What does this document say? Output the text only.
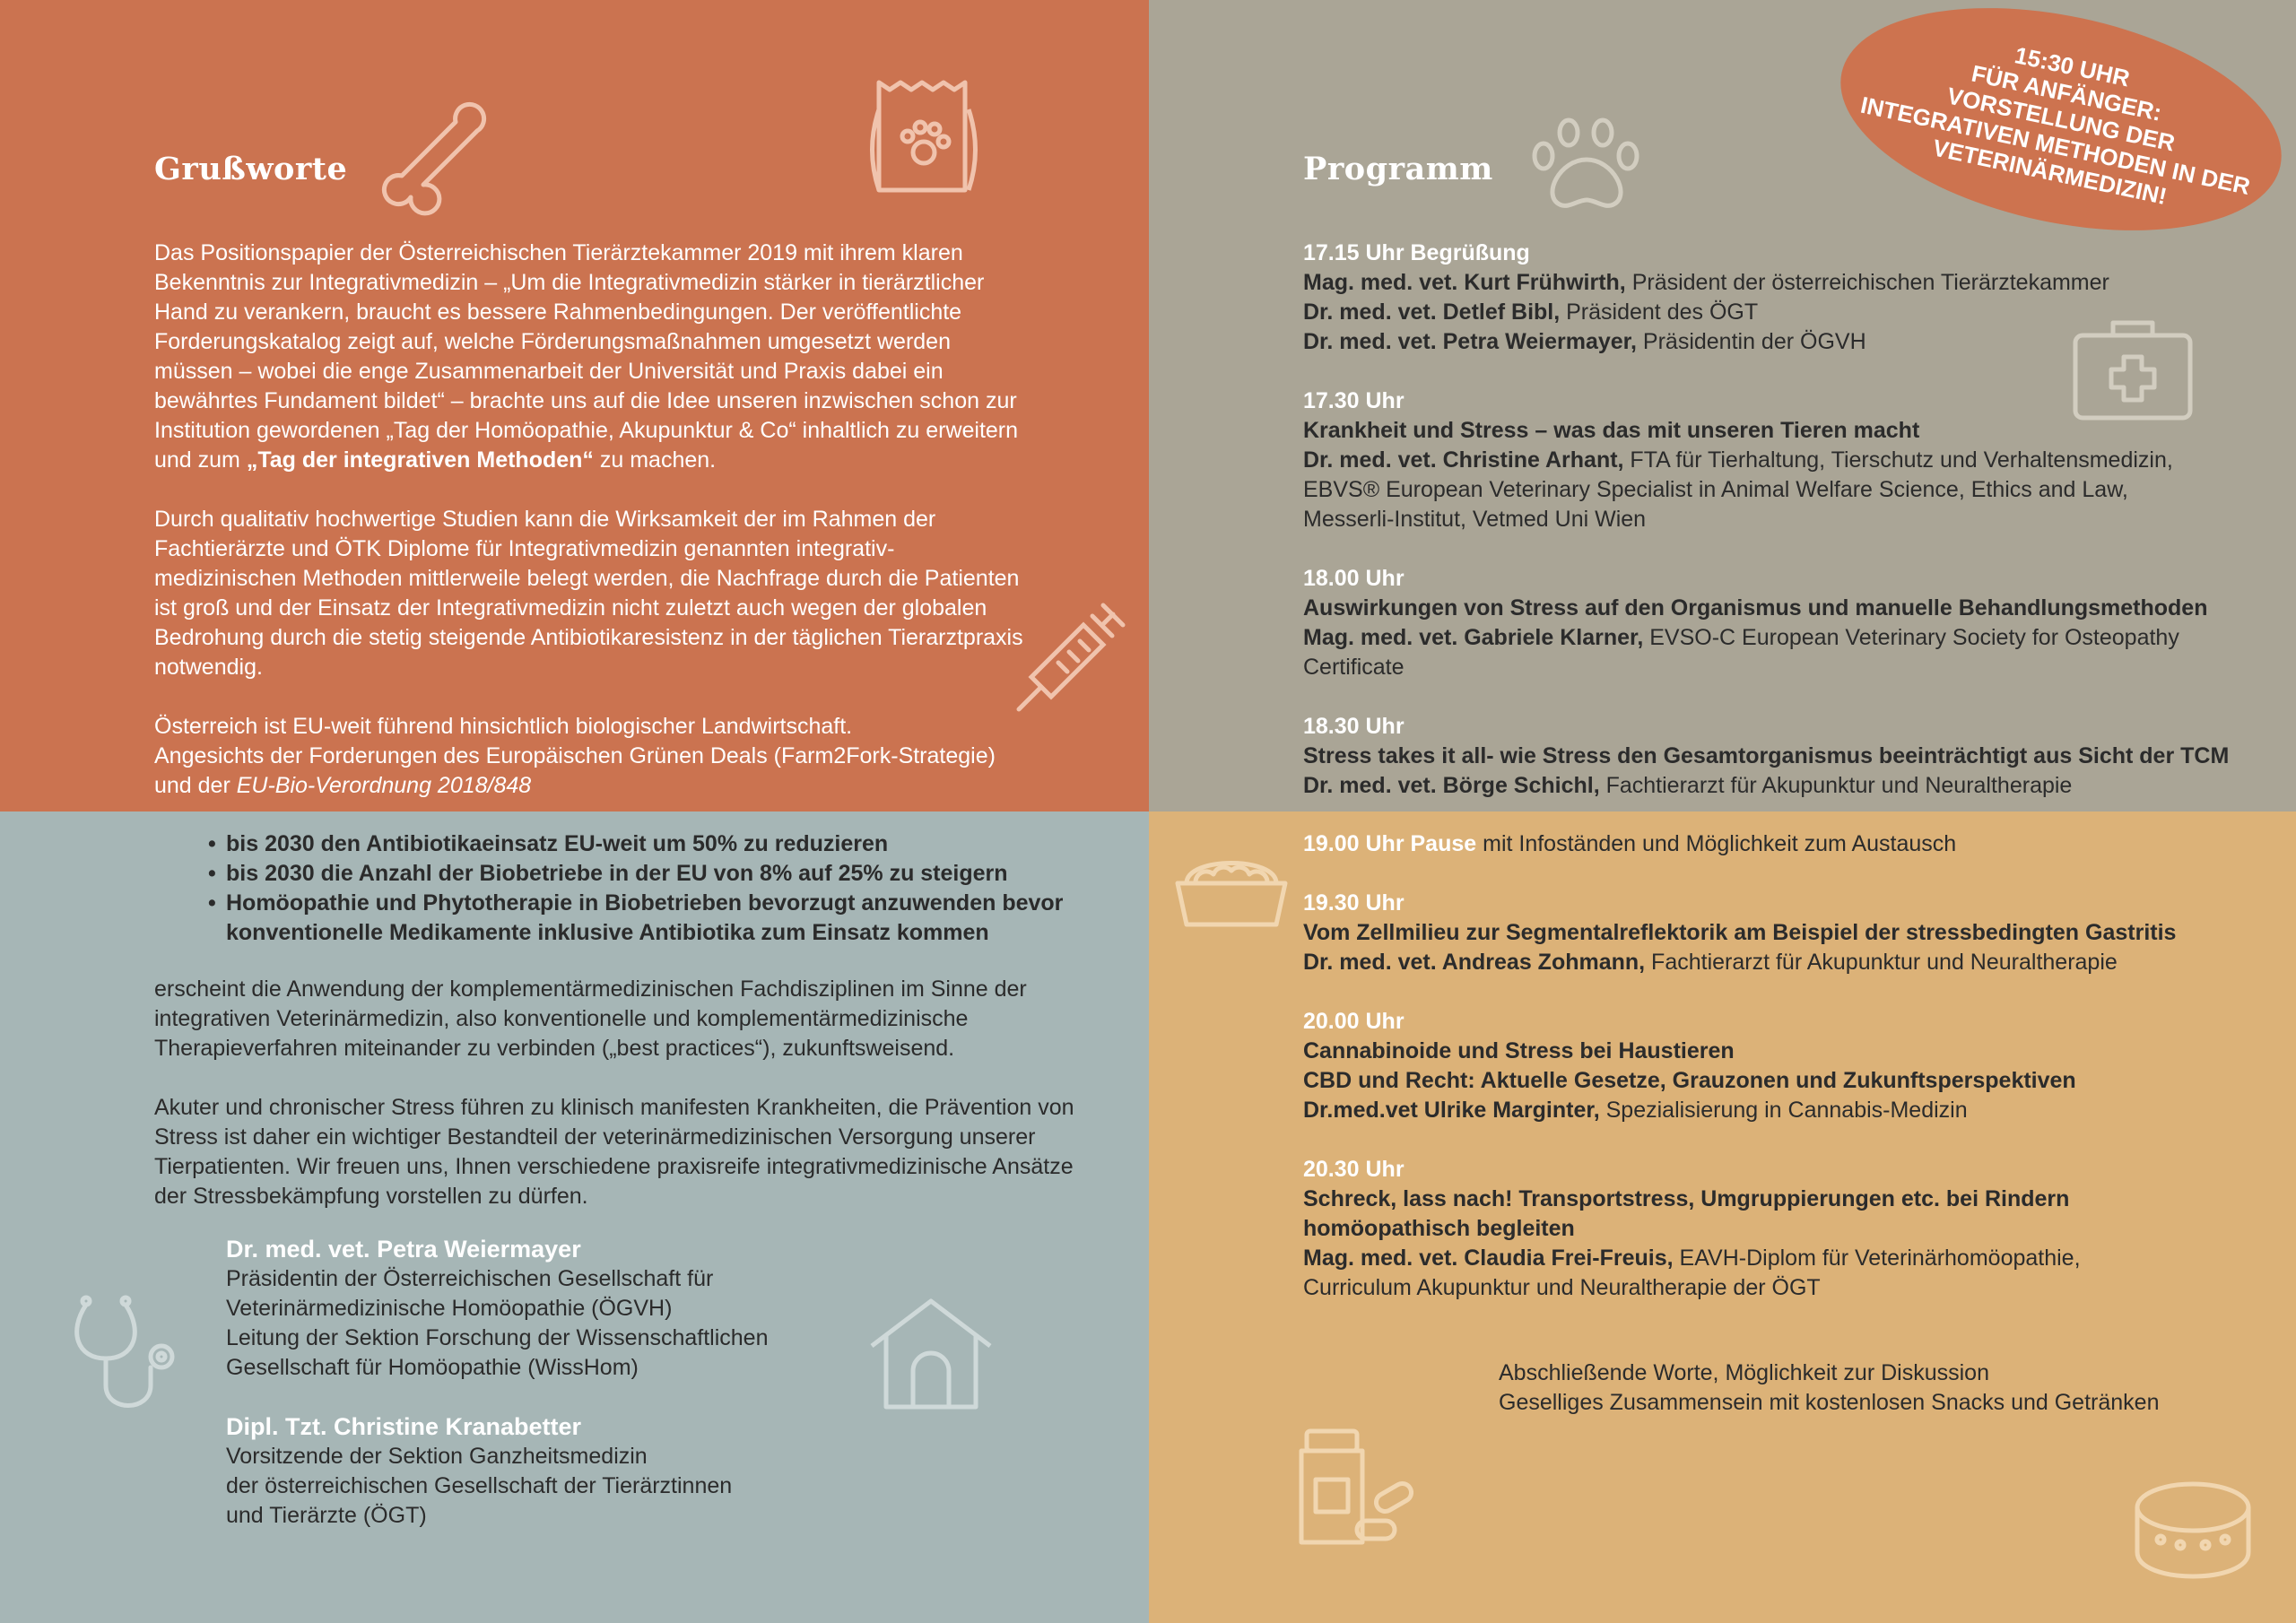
Grußworte

Das Positionspapier der Österreichischen Tierärztekammer 2019 mit ihrem klaren Bekenntnis zur Integrativmedizin – „Um die Integrativmedizin stärker in tierärztlicher Hand zu verankern, braucht es bessere Rahmenbedingungen. Der veröffentlichte Forderungskatalog zeigt auf, welche Förderungsmaßnahmen umgesetzt werden müssen – wobei die enge Zusammenarbeit der Universität und Praxis dabei ein bewährtes Fundament bildet“ – brachte uns auf die Idee unseren inzwischen schon zur Institution gewordenen „Tag der Homöopathie, Akupunktur & Co“ inhaltlich zu erweitern und zum „Tag der integrativen Methoden“ zu machen.

Durch qualitativ hochwertige Studien kann die Wirksamkeit der im Rahmen der Fachtierärzte und ÖTK Diplome für Integrativmedizin genannten integrativ-medizinischen Methoden mittlerweile belegt werden, die Nachfrage durch die Patienten ist groß und der Einsatz der Integrativmedizin nicht zuletzt auch wegen der globalen Bedrohung durch die stetig steigende Antibiotikaresistenz in der täglichen Tierarztpraxis notwendig.

Österreich ist EU-weit führend hinsichtlich biologischer Landwirtschaft.
Angesichts der Forderungen des Europäischen Grünen Deals (Farm2Fork-Strategie)
und der EU-Bio-Verordnung 2018/848

Programm
17.15 Uhr Begrüßung
Mag. med. vet. Kurt Frühwirth, Präsident der österreichischen Tierärztekammer
Dr. med. vet. Detlef Bibl, Präsident des ÖGT
Dr. med. vet. Petra Weiermayer, Präsidentin der ÖGVH
17.30 Uhr
Krankheit und Stress – was das mit unseren Tieren macht
Dr. med. vet. Christine Arhant, FTA für Tierhaltung, Tierschutz und Verhaltensmedizin,
EBVS® European Veterinary Specialist in Animal Welfare Science, Ethics and Law,
Messerli-Institut, Vetmed Uni Wien
18.00 Uhr
Auswirkungen von Stress auf den Organismus und manuelle Behandlungsmethoden
Mag. med. vet. Gabriele Klarner, EVSO-C European Veterinary Society for Osteopathy
Certificate
18.30 Uhr
Stress takes it all- wie Stress den Gesamtorganismus beeinträchtigt aus Sicht der TCM
Dr. med. vet. Börge Schichl, Fachtierarzt für Akupunktur und Neuraltherapie
15:30 UHR
FÜR ANFÄNGER:
VORSTELLUNG DER
INTEGRATIVEN METHODEN IN DER
VETERINÄRMEDIZIN!
• bis 2030 den Antibiotikaeinsatz EU-weit um 50% zu reduzieren
• bis 2030 die Anzahl der Biobetriebe in der EU von 8% auf 25% zu steigern
• Homöopathie und Phytotherapie in Biobetrieben bevorzugt anzuwenden bevor konventionelle Medikamente inklusive Antibiotika zum Einsatz kommen

erscheint die Anwendung der komplementärmedizinischen Fachdisziplinen im Sinne der integrativen Veterinärmedizin, also konventionelle und komplementärmedizinische Therapieverfahren miteinander zu verbinden („best practices“), zukunftsweisend.

Akuter und chronischer Stress führen zu klinisch manifesten Krankheiten, die Prävention von Stress ist daher ein wichtiger Bestandteil der veterinärmedizinischen Versorgung unserer Tierpatienten. Wir freuen uns, Ihnen verschiedene praxisreife integrativmedizinische Ansätze der Stressbekämpfung vorstellen zu dürfen.

Dr. med. vet. Petra Weiermayer
Präsidentin der Österreichischen Gesellschaft für
Veterinärmedizinische Homöopathie (ÖGVH)
Leitung der Sektion Forschung der Wissenschaftlichen
Gesellschaft für Homöopathie (WissHom)
Dipl. Tzt. Christine Kranabetter
Vorsitzende der Sektion Ganzheitsmedizin
der österreichischen Gesellschaft der Tierärztinnen
und Tierärzte (ÖGT)
19.00 Uhr Pause mit Infoständen und Möglichkeit zum Austausch
19.30 Uhr
Vom Zellmilieu zur Segmentalreflektorik am Beispiel der stressbedingten Gastritis
Dr. med. vet. Andreas Zohmann, Fachtierarzt für Akupunktur und Neuraltherapie
20.00 Uhr
Cannabinoide und Stress bei Haustieren
CBD und Recht: Aktuelle Gesetze, Grauzonen und Zukunftsperspektiven
Dr.med.vet Ulrike Marginter, Spezialisierung in Cannabis-Medizin
20.30 Uhr
Schreck, lass nach! Transportstress, Umgruppierungen etc. bei Rindern homöopathisch begleiten
Mag. med. vet. Claudia Frei-Freuis, EAVH-Diplom für Veterinärhomöopathie,
Curriculum Akupunktur und Neuraltherapie der ÖGT
Abschließende Worte, Möglichkeit zur Diskussion
Geselliges Zusammensein mit kostenlosen Snacks und Getränken
